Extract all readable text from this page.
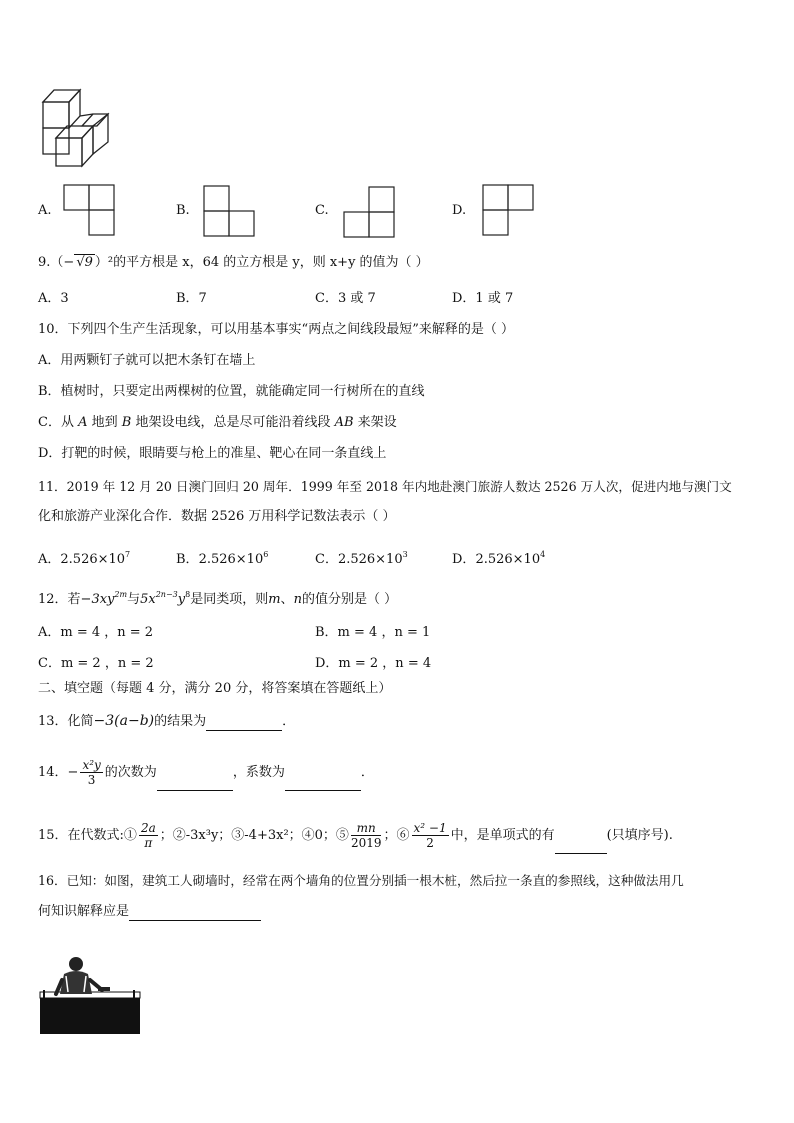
A.	B.	C.	D.
9.（− √9 ）²的平方根是 x，64 的立方根是 y，则 x+y 的值为（ ）
A．3	B．7	C．3 或 7	D．1 或 7
10．下列四个生产生活现象，可以用基本事实“两点之间线段最短”来解释的是（ ）
A．用两颗钉子就可以把木条钉在墙上
B．植树时，只要定出两棵树的位置，就能确定同一行树所在的直线
C．从 A 地到 B 地架设电线，总是尽可能沿着线段 AB 来架设
D．打靶的时候，眼睛要与枪上的准星、靶心在同一条直线上
11．2019 年 12 月 20 日澳门回归 20 周年．1999 年至 2018 年内地赴澳门旅游人数达 2526 万人次，促进内地与澳门文
化和旅游产业深化合作．数据 2526 万用科学记数法表示（ ）
A．$2.526\times 10^7$	B．$2.526\times 10^6$	C．$2.526\times 10^3$	D．$2.526\times 10^4$
12．若$-3xy^{2m}$与$5x^{2n-3}y^8$是同类项，则m、n的值分别是（ ）
A．m = 4 ，n = 2	B．m = 4 ，n = 1
C．m = 2 ，n = 2	D．m = 2 ，n = 4
二、填空题（每题 4 分，满分 20 分，将答案填在答题纸上）
13．化简−3(a−b)的结果为	．
14．− $\frac{\text{x²y}}{3}$ 的次数为	，系数为	．
15．在代数式:① $\frac{2a}{\pi}$ ；②-3x³y；③-4+3x²；④0；⑤ $\frac{mn}{2019}$ ；⑥ $\frac{\text{x² −1}}{2}$ 中，是单项式的有	(只填序号).
16．已知：如图，建筑工人砌墙时，经常在两个墙角的位置分别插一根木桩，然后拉一条直的参照线，这种做法用几
何知识解释应是
